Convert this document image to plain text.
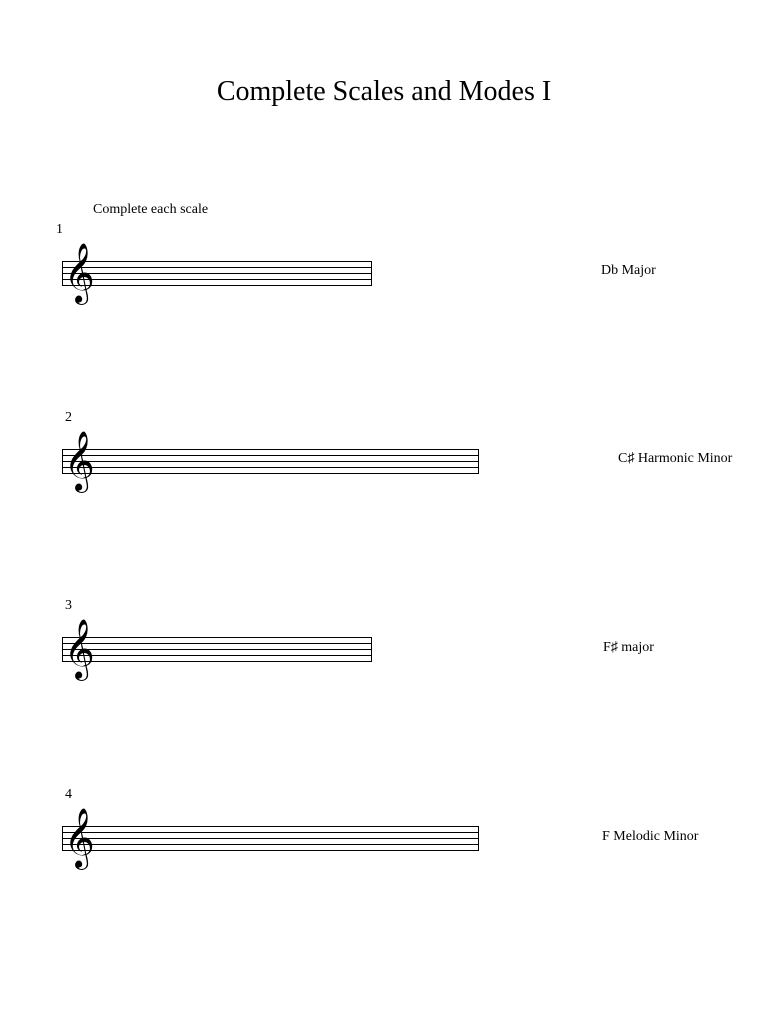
Complete Scales and Modes I
Complete each scale
1
𝄞	Db Major
2
𝄞	C♯ Harmonic Minor
3
𝄞	F♯ major
4
𝄞	F Melodic Minor
